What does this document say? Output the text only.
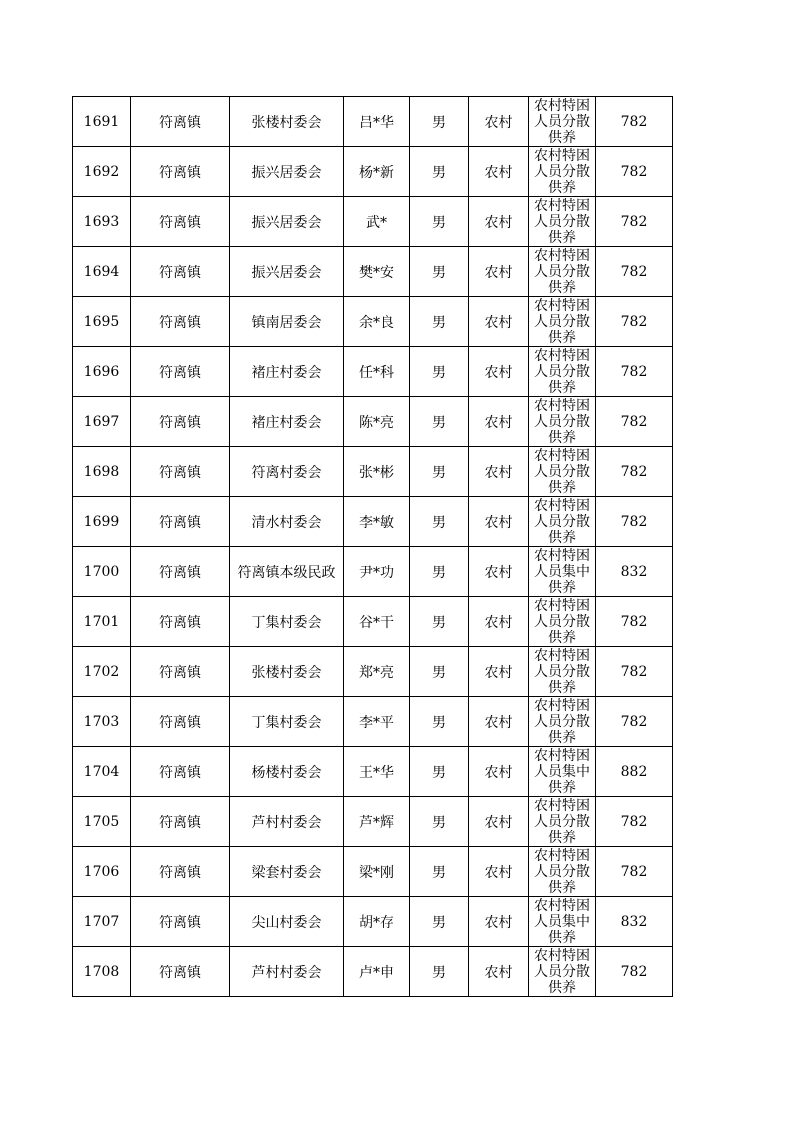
1691	符离镇	张楼村委会	吕*华	男	农村	农村特困人员分散供养	782
1692	符离镇	振兴居委会	杨*新	男	农村	农村特困人员分散供养	782
1693	符离镇	振兴居委会	武*	男	农村	农村特困人员分散供养	782
1694	符离镇	振兴居委会	樊*安	男	农村	农村特困人员分散供养	782
1695	符离镇	镇南居委会	余*良	男	农村	农村特困人员分散供养	782
1696	符离镇	褚庄村委会	任*科	男	农村	农村特困人员分散供养	782
1697	符离镇	褚庄村委会	陈*亮	男	农村	农村特困人员分散供养	782
1698	符离镇	符离村委会	张*彬	男	农村	农村特困人员分散供养	782
1699	符离镇	清水村委会	李*敏	男	农村	农村特困人员分散供养	782
1700	符离镇	符离镇本级民政	尹*功	男	农村	农村特困人员集中供养	832
1701	符离镇	丁集村委会	谷*干	男	农村	农村特困人员分散供养	782
1702	符离镇	张楼村委会	郑*亮	男	农村	农村特困人员分散供养	782
1703	符离镇	丁集村委会	李*平	男	农村	农村特困人员分散供养	782
1704	符离镇	杨楼村委会	王*华	男	农村	农村特困人员集中供养	882
1705	符离镇	芦村村委会	芦*辉	男	农村	农村特困人员分散供养	782
1706	符离镇	梁套村委会	梁*刚	男	农村	农村特困人员分散供养	782
1707	符离镇	尖山村委会	胡*存	男	农村	农村特困人员集中供养	832
1708	符离镇	芦村村委会	卢*申	男	农村	农村特困人员分散供养	782
